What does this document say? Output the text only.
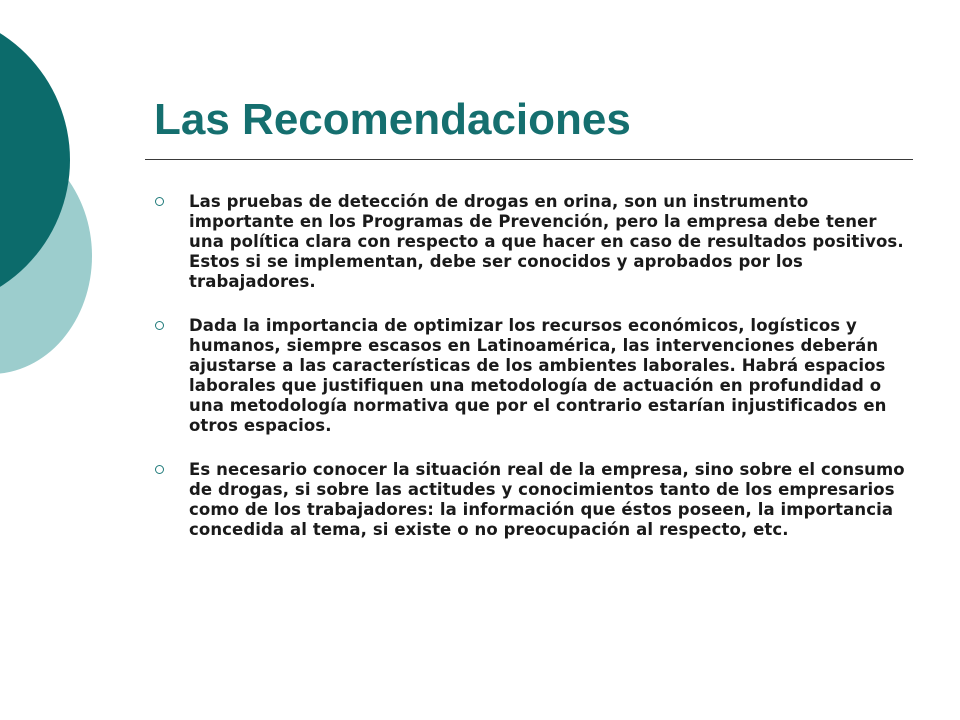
Las Recomendaciones
Las pruebas de detección de drogas en orina, son un instrumento importante en los Programas de Prevención, pero la empresa debe tener una política clara con respecto a que hacer en caso de resultados positivos. Estos si se implementan, debe ser conocidos y aprobados por los trabajadores.
Dada la importancia de optimizar los recursos económicos, logísticos y humanos, siempre escasos en Latinoamérica, las intervenciones deberán ajustarse a las características de los ambientes laborales. Habrá espacios laborales que justifiquen una metodología de actuación en profundidad o una metodología normativa que por el contrario estarían injustificados en otros espacios.
Es necesario conocer la situación real de la empresa, sino sobre el consumo de drogas, si sobre las actitudes y conocimientos tanto de los empresarios como de los trabajadores: la información que éstos poseen, la importancia concedida al tema, si existe o no preocupación al respecto, etc.
